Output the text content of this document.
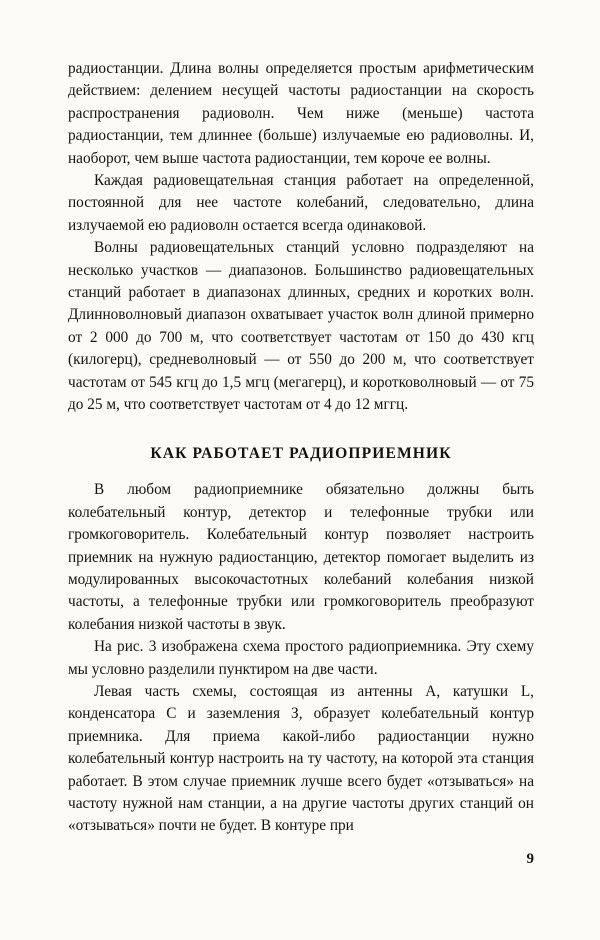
радиостанции. Длина волны определяется простым арифметическим действием: делением несущей частоты радиостанции на скорость распространения радиоволн. Чем ниже (меньше) частота радиостанции, тем длиннее (больше) излучаемые ею радиоволны. И, наоборот, чем выше частота радиостанции, тем короче ее волны.

Каждая радиовещательная станция работает на определенной, постоянной для нее частоте колебаний, следовательно, длина излучаемой ею радиоволн остается всегда одинаковой.

Волны радиовещательных станций условно подразделяют на несколько участков — диапазонов. Большинство радиовещательных станций работает в диапазонах длинных, средних и коротких волн. Длинноволновый диапазон охватывает участок волн длиной примерно от 2 000 до 700 м, что соответствует частотам от 150 до 430 кгц (килогерц), средневолновый — от 550 до 200 м, что соответствует частотам от 545 кгц до 1,5 мгц (мегагерц), и коротковолновый — от 75 до 25 м, что соответствует частотам от 4 до 12 мггц.

КАК РАБОТАЕТ РАДИОПРИЕМНИК

В любом радиоприемнике обязательно должны быть колебательный контур, детектор и телефонные трубки или громкоговоритель. Колебательный контур позволяет настроить приемник на нужную радиостанцию, детектор помогает выделить из модулированных высокочастотных колебаний колебания низкой частоты, а телефонные трубки или громкоговоритель преобразуют колебания низкой частоты в звук.

На рис. 3 изображена схема простого радиоприемника. Эту схему мы условно разделили пунктиром на две части.

Левая часть схемы, состоящая из антенны А, катушки L, конденсатора С и заземления З, образует колебательный контур приемника. Для приема какой-либо радиостанции нужно колебательный контур настроить на ту частоту, на которой эта станция работает. В этом случае приемник лучше всего будет «отзываться» на частоту нужной нам станции, а на другие частоты других станций он «отзываться» почти не будет. В контуре при

9
